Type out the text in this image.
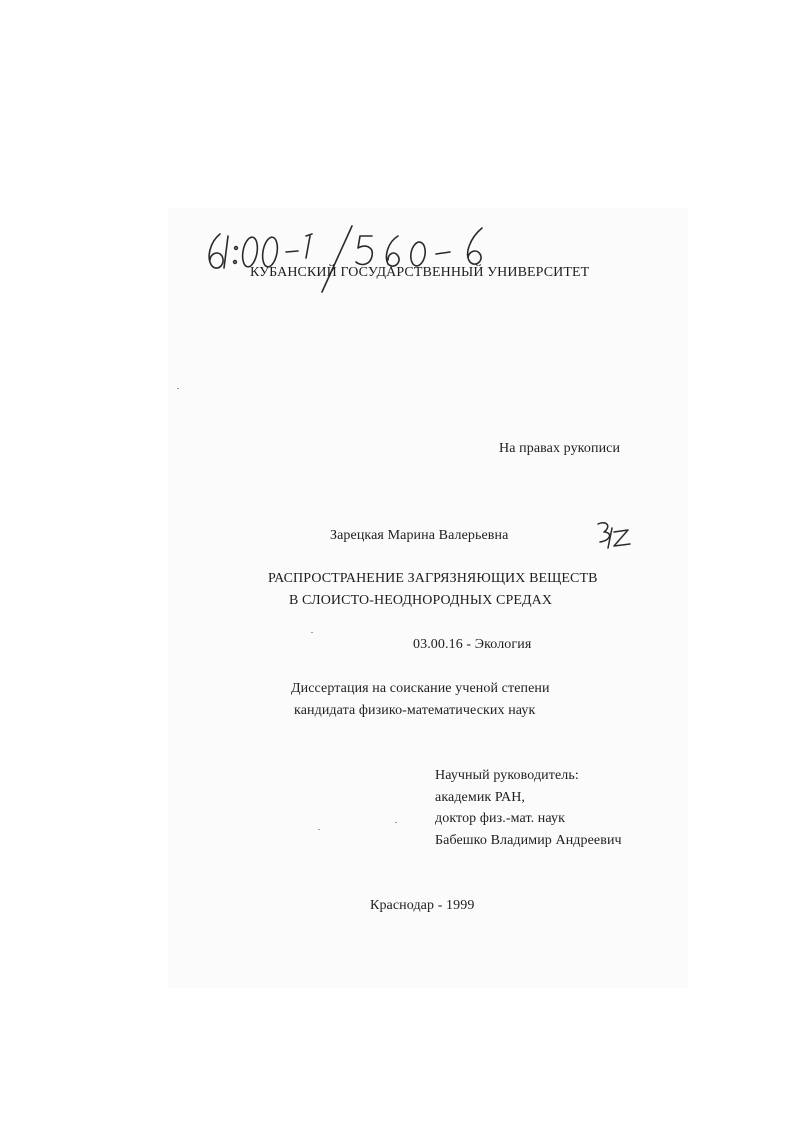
КУБАНСКИЙ ГОСУДАРСТВЕННЫЙ УНИВЕРСИТЕТ
На правах рукописи
Зарецкая Марина Валерьевна
РАСПРОСТРАНЕНИЕ ЗАГРЯЗНЯЮЩИХ ВЕЩЕСТВ
В СЛОИСТО-НЕОДНОРОДНЫХ СРЕДАХ
03.00.16 - Экология
Диссертация на соискание ученой степени
кандидата физико-математических наук
Научный руководитель:
академик РАН,
доктор физ.-мат. наук
Бабешко Владимир Андреевич
Краснодар - 1999
